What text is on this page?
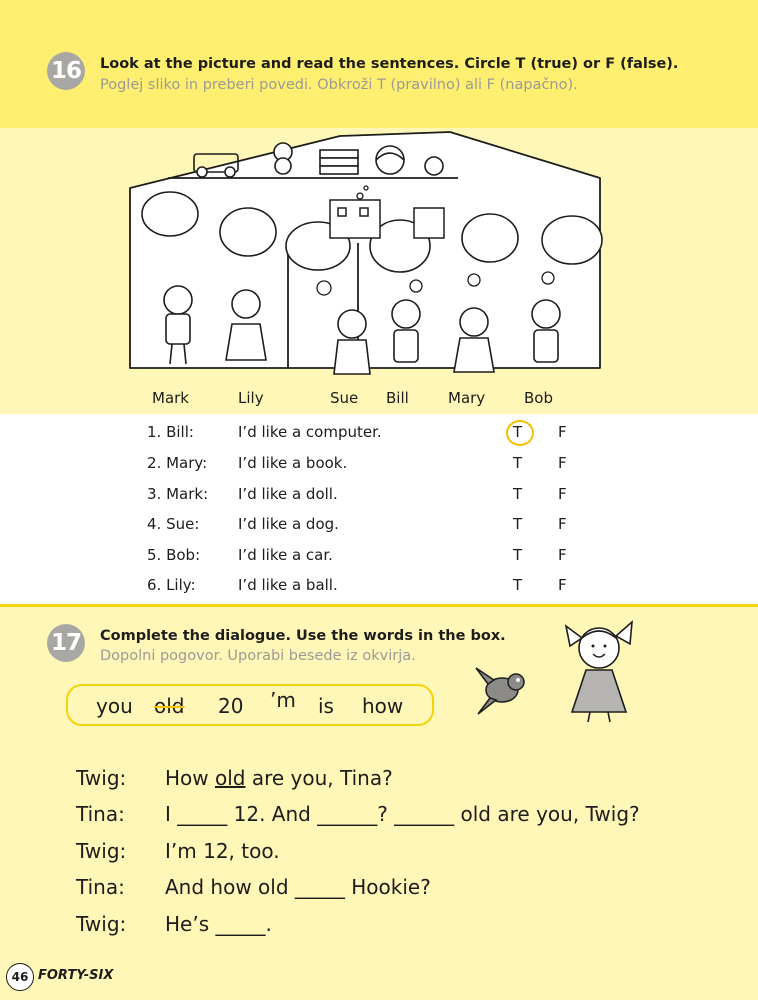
16 Look at the picture and read the sentences. Circle T (true) or F (false).
Poglej sliko in preberi povedi. Obkroži T (pravilno) ali F (napačno).
Mark	Lily	Sue Bill	Mary	Bob
1. Bill:	I’d like a computer.	T F
2. Mary: I’d like a book.	T F
3. Mark: I’d like a doll.	T F
4. Sue:	I’d like a dog.	T F
5. Bob:	I’d like a car.	T F
6. Lily:	I’d like a ball.	T F
17 Complete the dialogue. Use the words in the box.
Dopolni pogovor. Uporabi besede iz okvirja.
you old 20 ’m is how
Twig: How old are you, Tina?
Tina: I _____ 12. And ______? ______ old are you, Twig?
Twig: I’m 12, too.
Tina: And how old _____ Hookie?
Twig: He’s _____.
46 FORTY-SIX
